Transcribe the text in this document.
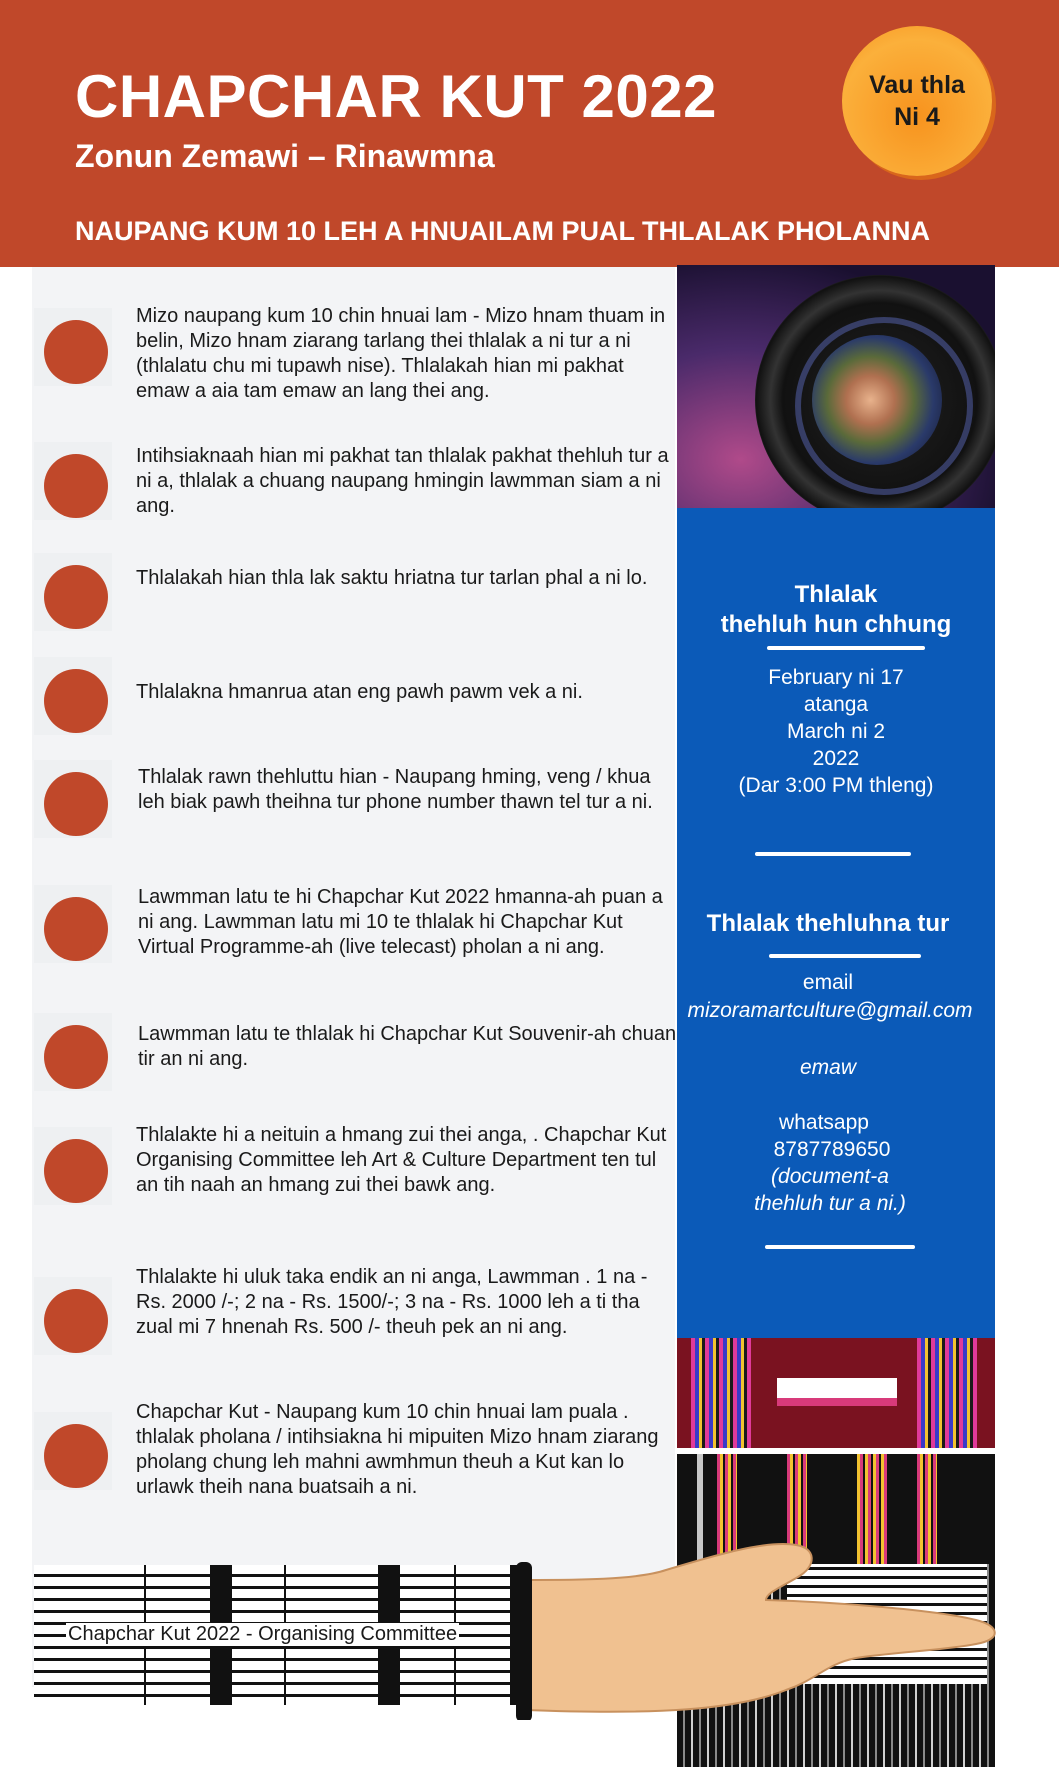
CHAPCHAR KUT 2022
Zonun Zemawi – Rinawmna
NAUPANG KUM 10 LEH A HNUAILAM PUAL THLALAK PHOLANNA
Vau thla
Ni 4
Mizo naupang kum 10 chin hnuai lam - Mizo hnam thuam in belin, Mizo hnam ziarang tarlang thei thlalak a ni tur a ni (thlalatu chu mi tupawh nise). Thlalakah hian mi pakhat emaw a aia tam emaw an lang thei ang.
Intihsiaknaah hian mi pakhat tan thlalak pakhat thehluh tur a ni a, thlalak a chuang naupang hmingin lawmman siam a ni ang.
Thlalakah hian thla lak saktu hriatna tur tarlan phal a ni lo.
Thlalakna hmanrua atan eng pawh pawm vek a ni.
Thlalak rawn thehluttu hian - Naupang hming, veng / khua leh biak pawh theihna tur phone number thawn tel tur a ni.
Lawmman latu te hi Chapchar Kut 2022 hmanna-ah puan a ni ang. Lawmman latu mi 10 te thlalak hi Chapchar Kut Virtual Programme-ah (live telecast) pholan a ni ang.
Lawmman latu te thlalak hi Chapchar Kut Souvenir-ah chuan tir an ni ang.
Thlalakte hi a neituin a hmang zui thei anga, . Chapchar Kut Organising Committee leh Art & Culture Department ten tul an tih naah an hmang zui thei bawk ang.
Thlalakte hi uluk taka endik an ni anga, Lawmman . 1 na - Rs. 2000 /-; 2 na - Rs. 1500/-; 3 na - Rs. 1000 leh a ti tha zual mi 7 hnenah Rs. 500 /- theuh pek an ni ang.
Chapchar Kut - Naupang kum 10 chin hnuai lam puala . thlalak pholana / intihsiakna hi mipuiten Mizo hnam ziarang pholang chung leh mahni awmhmun theuh a Kut kan lo urlawk theih nana buatsaih a ni.
Thlalak
thehluh hun chhung
February ni 17
atanga
March ni 2
2022
(Dar 3:00 PM thleng)
Thlalak thehluhna tur
email
mizoramartculture@gmail.com
emaw
whatsapp
8787789650
(document-a
thehluh tur a ni.)
Chapchar Kut 2022 - Organising Committee
